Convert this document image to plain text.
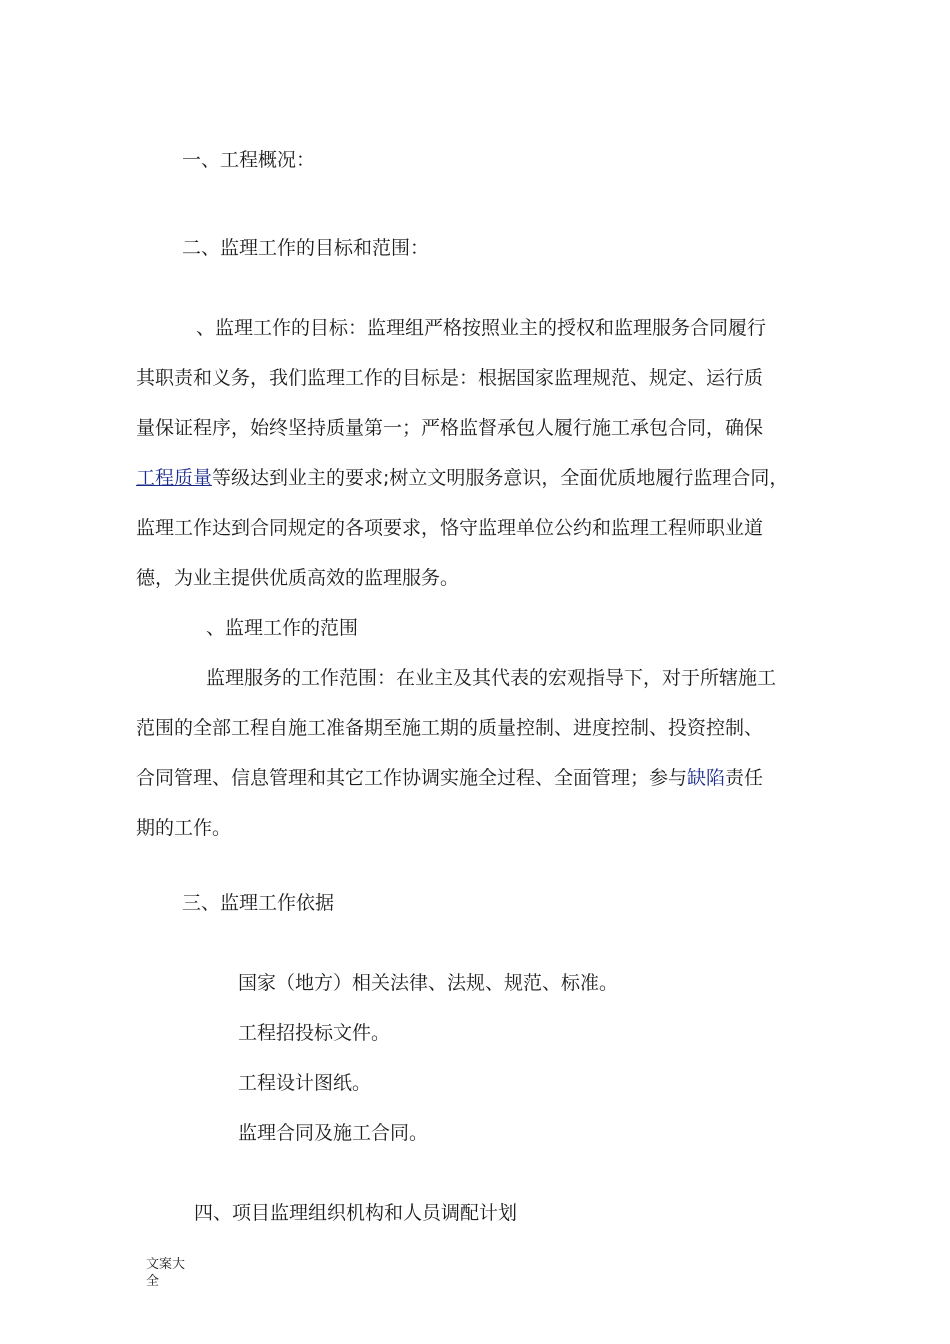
一、工程概况：

二、监理工作的目标和范围：

、监理工作的目标：监理组严格按照业主的授权和监理服务合同履行

其职责和义务，我们监理工作的目标是：根据国家监理规范、规定、运行质

量保证程序，始终坚持质量第一；严格监督承包人履行施工承包合同，确保

工程质量等级达到业主的要求;树立文明服务意识，全面优质地履行监理合同，

监理工作达到合同规定的各项要求，恪守监理单位公约和监理工程师职业道

德，为业主提供优质高效的监理服务。

、监理工作的范围

监理服务的工作范围：在业主及其代表的宏观指导下，对于所辖施工

范围的全部工程自施工准备期至施工期的质量控制、进度控制、投资控制、

合同管理、信息管理和其它工作协调实施全过程、全面管理；参与缺陷责任

期的工作。

三、监理工作依据

国家（地方）相关法律、法规、规范、标准。

工程招投标文件。

工程设计图纸。

监理合同及施工合同。

四、项目监理组织机构和人员调配计划

文案大全
